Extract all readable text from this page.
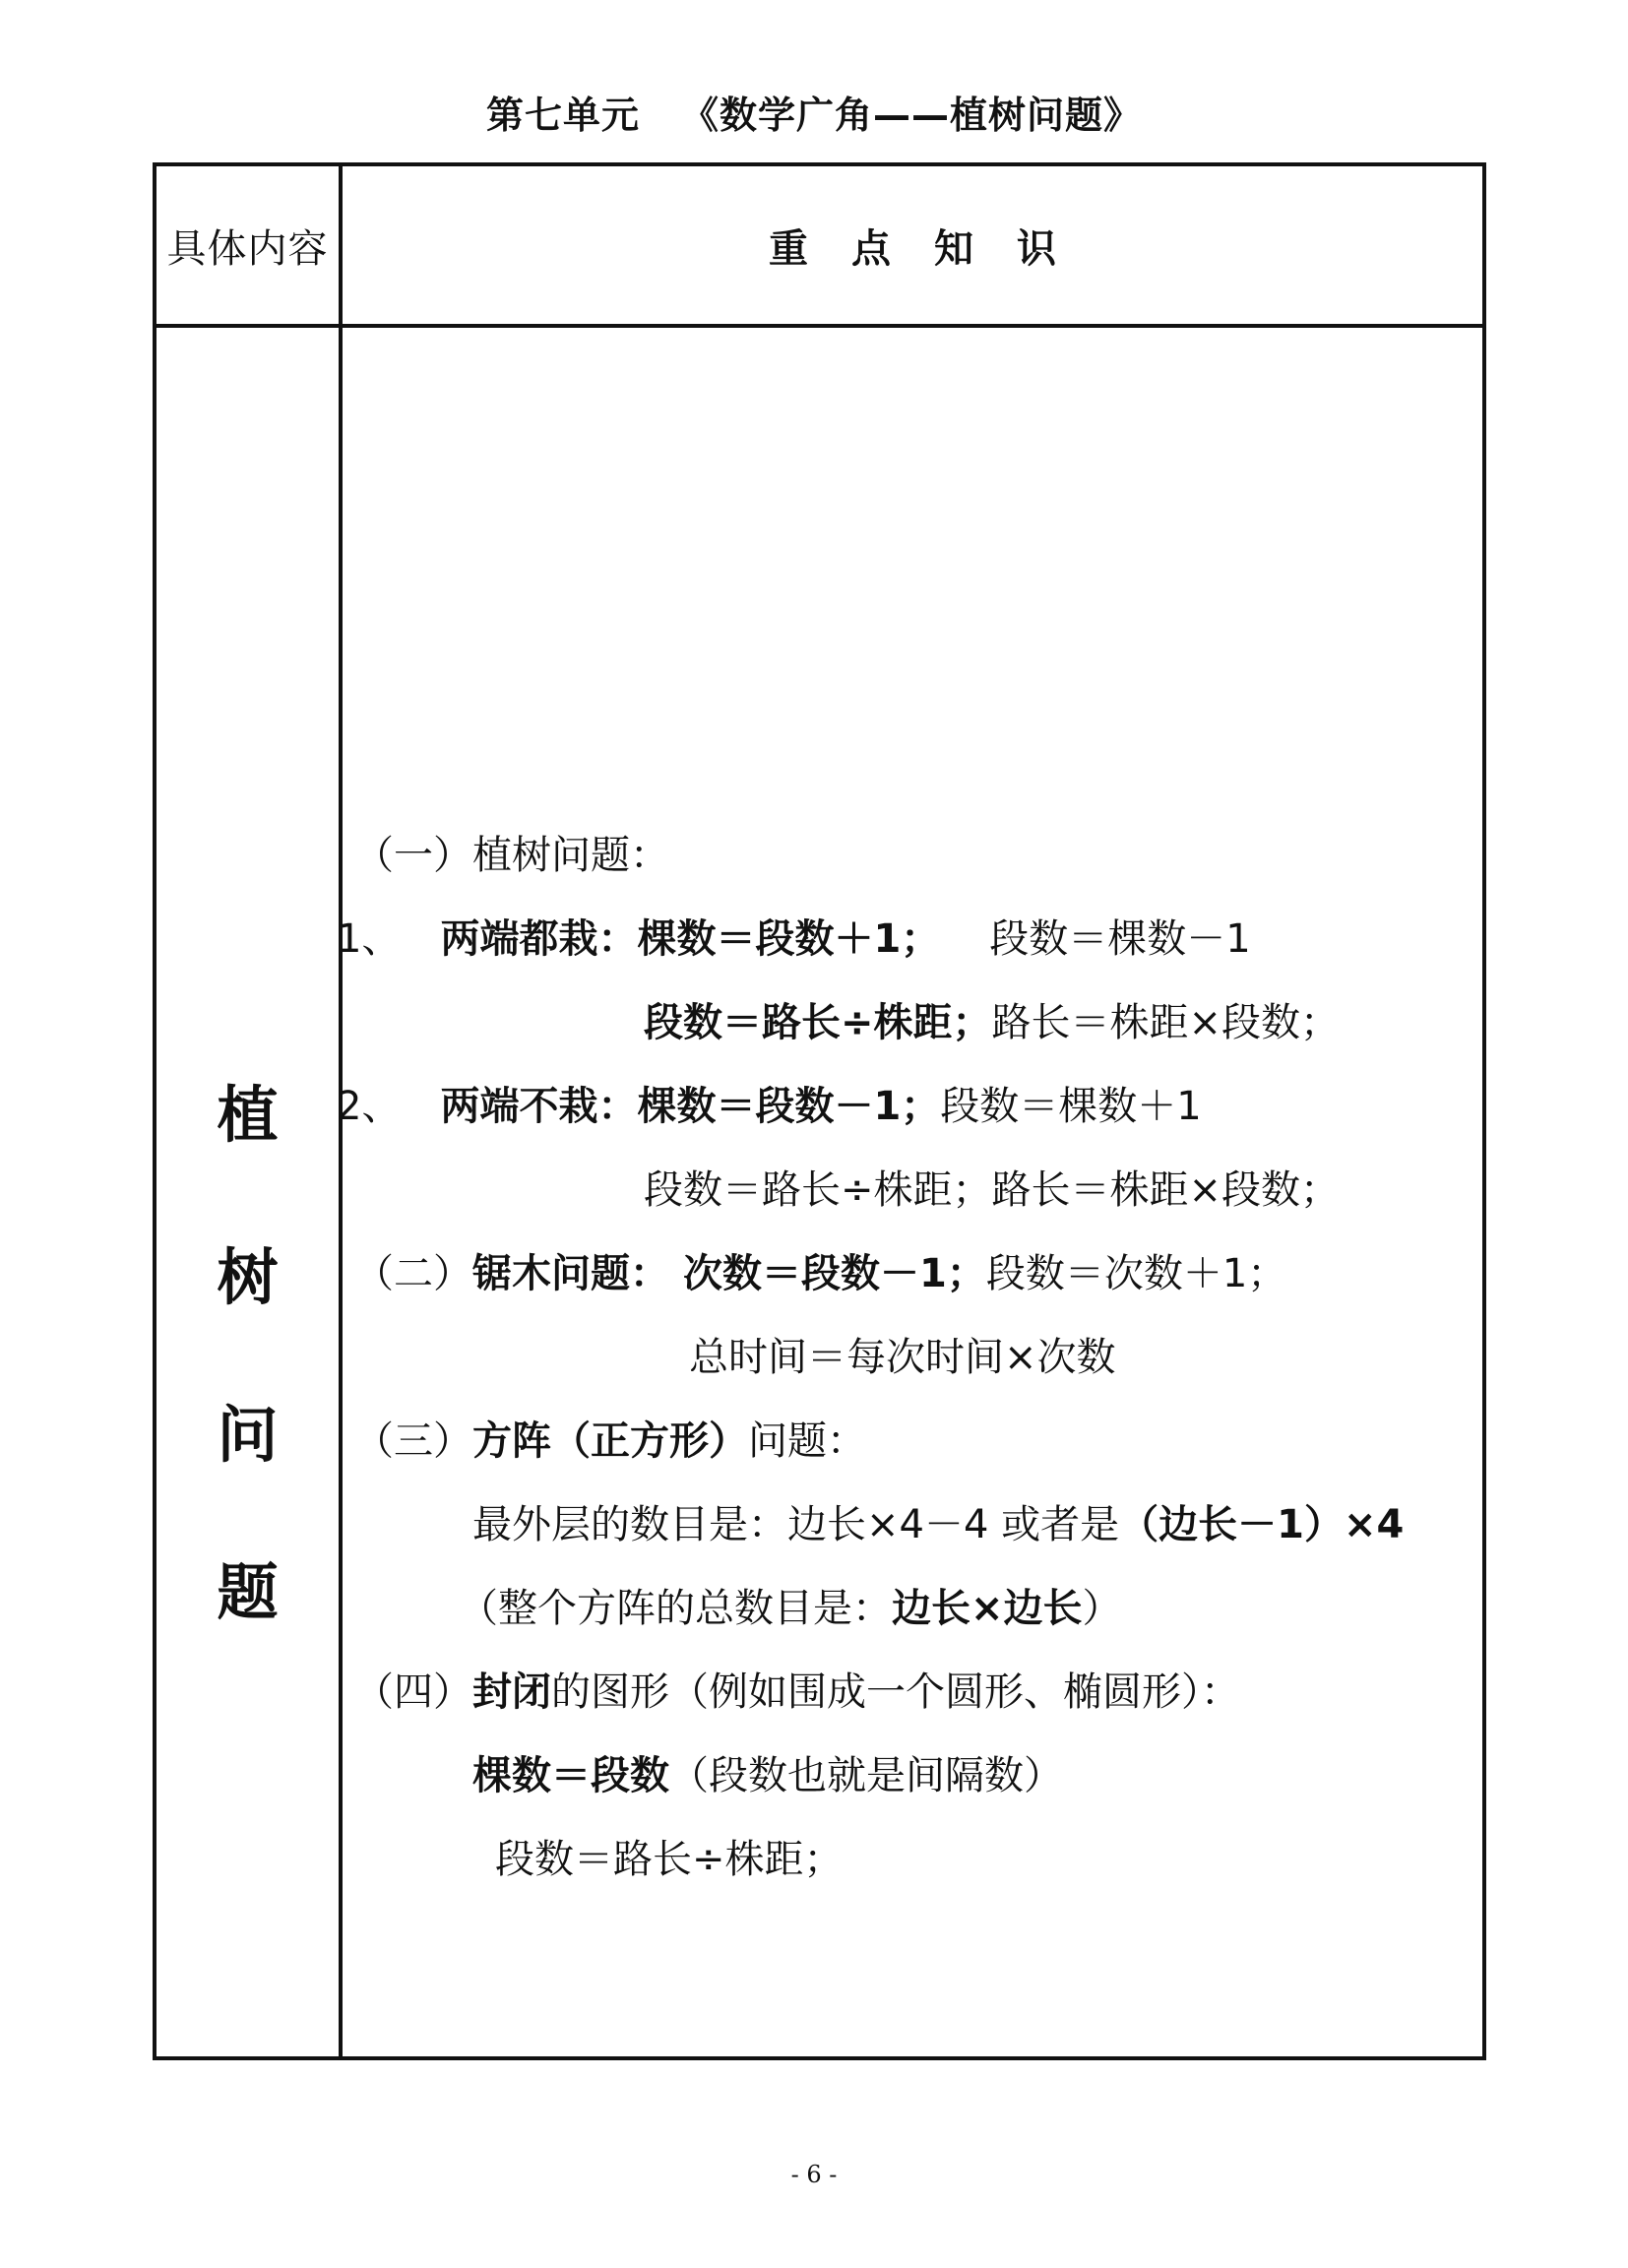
第七单元 《数学广角——植树问题》
具体内容	重点知识
植
树
问
题
（一）植树问题：
1、 两端都栽：棵数＝段数＋1； 段数＝棵数－1
段数＝路长÷株距；路长＝株距×段数；
2、 两端不栽：棵数＝段数－1；段数＝棵数＋1
段数＝路长÷株距；路长＝株距×段数；
（二）锯木问题： 次数＝段数－1；段数＝次数＋1；
总时间＝每次时间×次数
（三）方阵（正方形）问题：
最外层的数目是：边长×4－4 或者是（边长－1）×4
（整个方阵的总数目是：边长×边长）
（四）封闭的图形（例如围成一个圆形、椭圆形）：
棵数＝段数（段数也就是间隔数）
段数＝路长÷株距；
- 6 -
